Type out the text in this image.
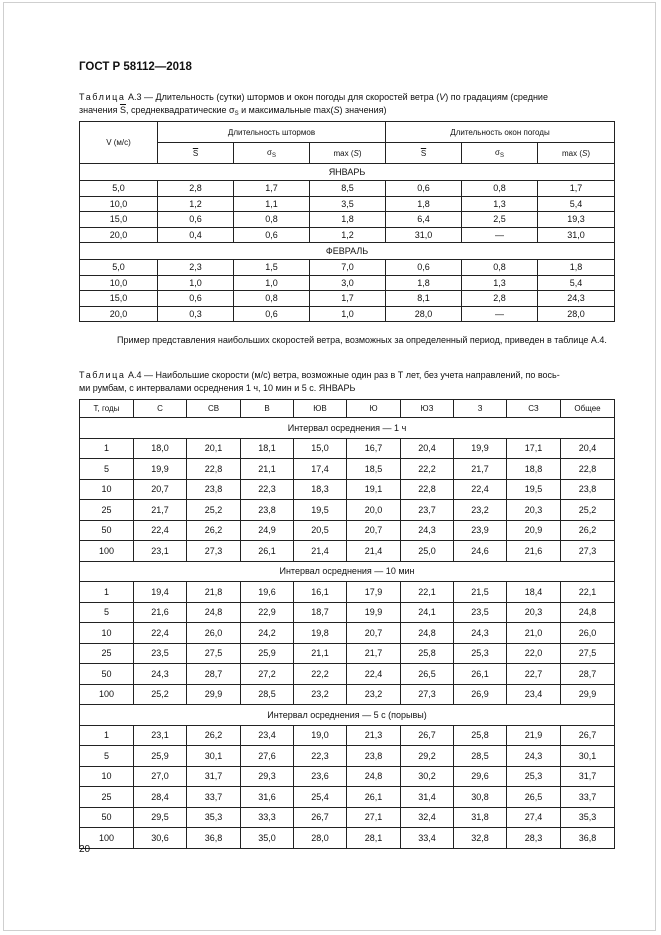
ГОСТ Р 58112—2018
Таблица А.3 — Длительность (сутки) штормов и окон погоды для скоростей ветра (V) по градациям (средние
значения $\overline{S}$, среднеквадратические $\sigma_S$ и максимальные max(S) значения)
V (м/с)	Длительность штормов			Длительность окон погоды		
	$\overline{S}$	$\sigma_S$	max (S)	$\overline{S}$	$\sigma_S$	max (S)
ЯНВАРЬ						
5,0	2,8	1,7	8,5	0,6	0,8	1,7
10,0	1,2	1,1	3,5	1,8	1,3	5,4
15,0	0,6	0,8	1,8	6,4	2,5	19,3
20,0	0,4	0,6	1,2	31,0	—	31,0
ФЕВРАЛЬ						
5,0	2,3	1,5	7,0	0,6	0,8	1,8
10,0	1,0	1,0	3,0	1,8	1,3	5,4
15,0	0,6	0,8	1,7	8,1	2,8	24,3
20,0	0,3	0,6	1,0	28,0	—	28,0
Пример представления наибольших скоростей ветра, возможных за определенный период, приведен в таблице А.4.
Таблица А.4 — Наибольшие скорости (м/с) ветра, возможные один раз в Т лет, без учета направлений, по вось-
ми румбам, с интервалами осреднения 1 ч, 10 мин и 5 с. ЯНВАРЬ
Т, годы	С	СВ	В	ЮВ	Ю	ЮЗ	З	СЗ	Общее
Интервал осреднения — 1 ч									
1	18,0	20,1	18,1	15,0	16,7	20,4	19,9	17,1	20,4
5	19,9	22,8	21,1	17,4	18,5	22,2	21,7	18,8	22,8
10	20,7	23,8	22,3	18,3	19,1	22,8	22,4	19,5	23,8
25	21,7	25,2	23,8	19,5	20,0	23,7	23,2	20,3	25,2
50	22,4	26,2	24,9	20,5	20,7	24,3	23,9	20,9	26,2
100	23,1	27,3	26,1	21,4	21,4	25,0	24,6	21,6	27,3
Интервал осреднения — 10 мин									
1	19,4	21,8	19,6	16,1	17,9	22,1	21,5	18,4	22,1
5	21,6	24,8	22,9	18,7	19,9	24,1	23,5	20,3	24,8
10	22,4	26,0	24,2	19,8	20,7	24,8	24,3	21,0	26,0
25	23,5	27,5	25,9	21,1	21,7	25,8	25,3	22,0	27,5
50	24,3	28,7	27,2	22,2	22,4	26,5	26,1	22,7	28,7
100	25,2	29,9	28,5	23,2	23,2	27,3	26,9	23,4	29,9
Интервал осреднения — 5 с (порывы)									
1	23,1	26,2	23,4	19,0	21,3	26,7	25,8	21,9	26,7
5	25,9	30,1	27,6	22,3	23,8	29,2	28,5	24,3	30,1
10	27,0	31,7	29,3	23,6	24,8	30,2	29,6	25,3	31,7
25	28,4	33,7	31,6	25,4	26,1	31,4	30,8	26,5	33,7
50	29,5	35,3	33,3	26,7	27,1	32,4	31,8	27,4	35,3
100	30,6	36,8	35,0	28,0	28,1	33,4	32,8	28,3	36,8
20
